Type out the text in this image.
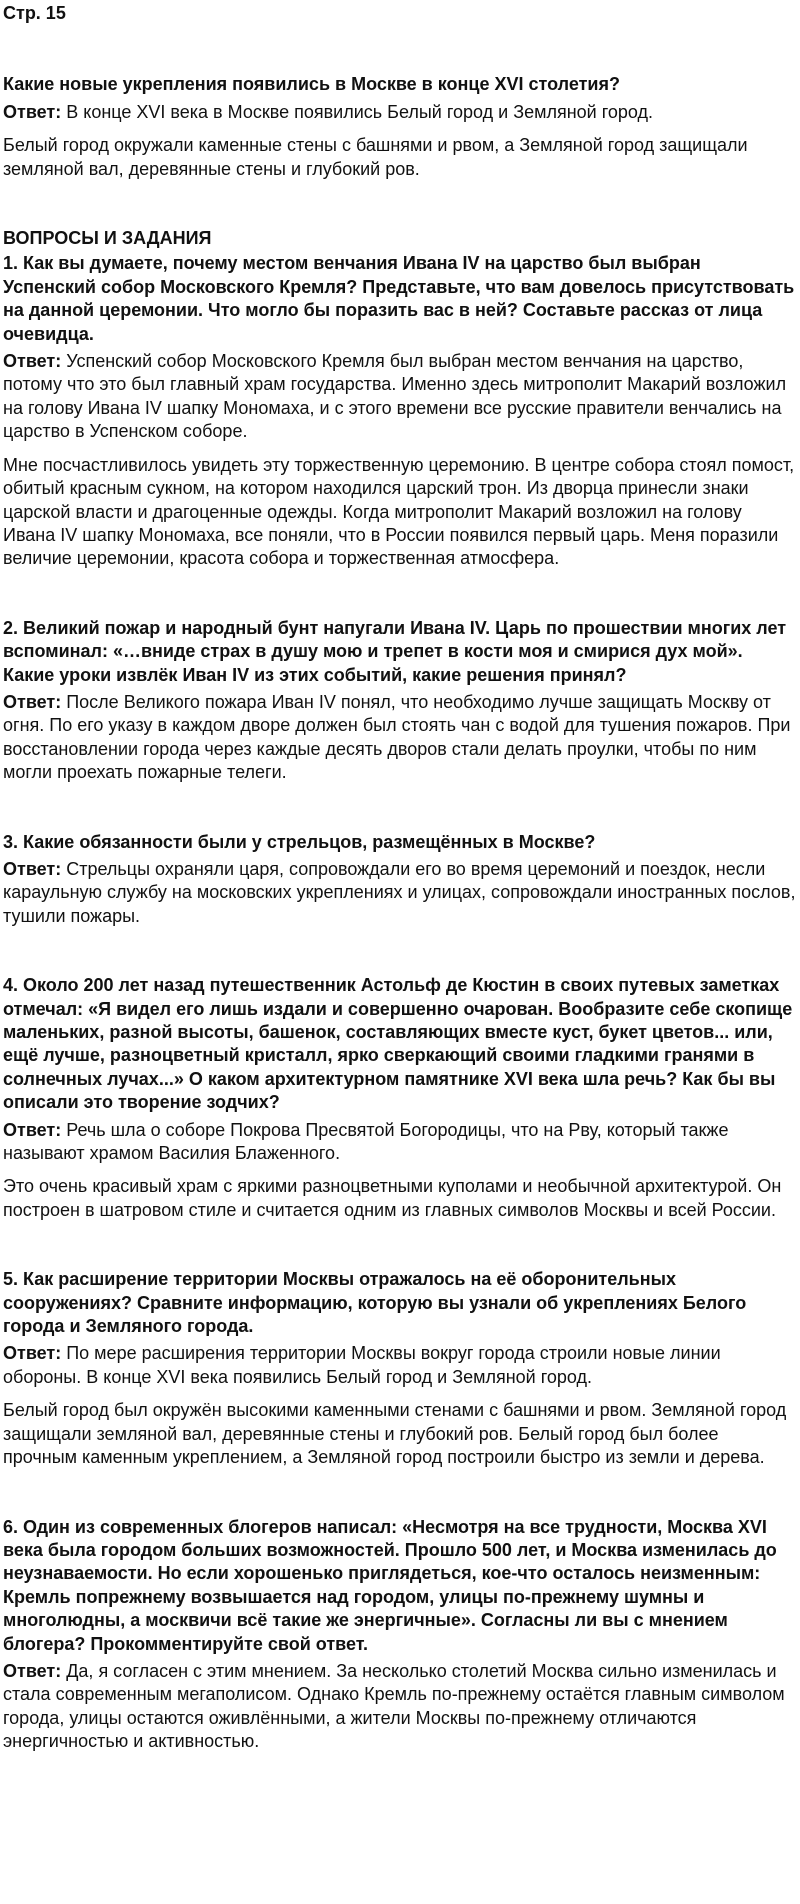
Стр. 15

Какие новые укрепления появились в Москве в конце XVI столетия?

Ответ: В конце XVI века в Москве появились Белый город и Земляной город.

Белый город окружали каменные стены с башнями и рвом, а Земляной город защищали земляной вал, деревянные стены и глубокий ров.

ВОПРОСЫ И ЗАДАНИЯ

1. Как вы думаете, почему местом венчания Ивана IV на царство был выбран Успенский собор Московского Кремля? Представьте, что вам довелось присутствовать на данной церемонии. Что могло бы поразить вас в ней? Составьте рассказ от лица очевидца.

Ответ: Успенский собор Московского Кремля был выбран местом венчания на царство, потому что это был главный храм государства. Именно здесь митрополит Макарий возложил на голову Ивана IV шапку Мономаха, и с этого времени все русские правители венчались на царство в Успенском соборе.

Мне посчастливилось увидеть эту торжественную церемонию. В центре собора стоял помост, обитый красным сукном, на котором находился царский трон. Из дворца принесли знаки царской власти и драгоценные одежды. Когда митрополит Макарий возложил на голову Ивана IV шапку Мономаха, все поняли, что в России появился первый царь. Меня поразили величие церемонии, красота собора и торжественная атмосфера.

2. Великий пожар и народный бунт напугали Ивана IV. Царь по прошествии многих лет вспоминал: «…вниде страх в душу мою и трепет в кости моя и смирися дух мой». Какие уроки извлёк Иван IV из этих событий, какие решения принял?

Ответ: После Великого пожара Иван IV понял, что необходимо лучше защищать Москву от огня. По его указу в каждом дворе должен был стоять чан с водой для тушения пожаров. При восстановлении города через каждые десять дворов стали делать проулки, чтобы по ним могли проехать пожарные телеги.

3. Какие обязанности были у стрельцов, размещённых в Москве?

Ответ: Стрельцы охраняли царя, сопровождали его во время церемоний и поездок, несли караульную службу на московских укреплениях и улицах, сопровождали иностранных послов, тушили пожары.

4. Около 200 лет назад путешественник Астольф де Кюстин в своих путевых заметках отмечал: «Я видел его лишь издали и совершенно очарован. Вообразите себе скопище маленьких, разной высоты, башенок, составляющих вместе куст, букет цветов... или, ещё лучше, разноцветный кристалл, ярко сверкающий своими гладкими гранями в солнечных лучах...» О каком архитектурном памятнике XVI века шла речь? Как бы вы описали это творение зодчих?

Ответ: Речь шла о соборе Покрова Пресвятой Богородицы, что на Рву, который также называют храмом Василия Блаженного.

Это очень красивый храм с яркими разноцветными куполами и необычной архитектурой. Он построен в шатровом стиле и считается одним из главных символов Москвы и всей России.

5. Как расширение территории Москвы отражалось на её оборонительных сооружениях? Сравните информацию, которую вы узнали об укреплениях Белого города и Земляного города.

Ответ: По мере расширения территории Москвы вокруг города строили новые линии обороны. В конце XVI века появились Белый город и Земляной город.

Белый город был окружён высокими каменными стенами с башнями и рвом. Земляной город защищали земляной вал, деревянные стены и глубокий ров. Белый город был более прочным каменным укреплением, а Земляной город построили быстро из земли и дерева.

6. Один из современных блогеров написал: «Несмотря на все трудности, Москва XVI века была городом больших возможностей. Прошло 500 лет, и Москва изменилась до неузнаваемости. Но если хорошенько приглядеться, кое-что осталось неизменным: Кремль попрежнему возвышается над городом, улицы по-прежнему шумны и многолюдны, а москвичи всё такие же энергичные». Согласны ли вы с мнением блогера? Прокомментируйте свой ответ.

Ответ: Да, я согласен с этим мнением. За несколько столетий Москва сильно изменилась и стала современным мегаполисом. Однако Кремль по-прежнему остаётся главным символом города, улицы остаются оживлёнными, а жители Москвы по-прежнему отличаются энергичностью и активностью.
